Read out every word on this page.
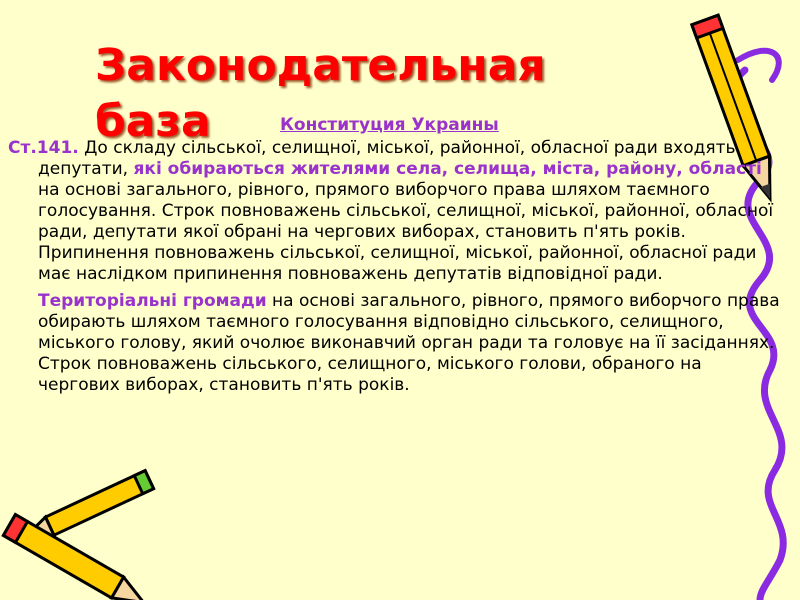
Законодательная база	Конституция Украины

Ст.141. До складу сільської, селищної, міської, районної, обласної ради входять депутати, які обираються жителями села, селища, міста, району, області на основі загального, рівного, прямого виборчого права шляхом таємного голосування. Строк повноважень сільської, селищної, міської, районної, обласної ради, депутати якої обрані на чергових виборах, становить п'ять років. Припинення повноважень сільської, селищної, міської, районної, обласної ради має наслідком припинення повноважень депутатів відповідної ради.

Територіальні громади на основі загального, рівного, прямого виборчого права обирають шляхом таємного голосування відповідно сільського, селищного, міського голову, який очолює виконавчий орган ради та головує на її засіданнях. Строк повноважень сільського, селищного, міського голови, обраного на чергових виборах, становить п'ять років.
